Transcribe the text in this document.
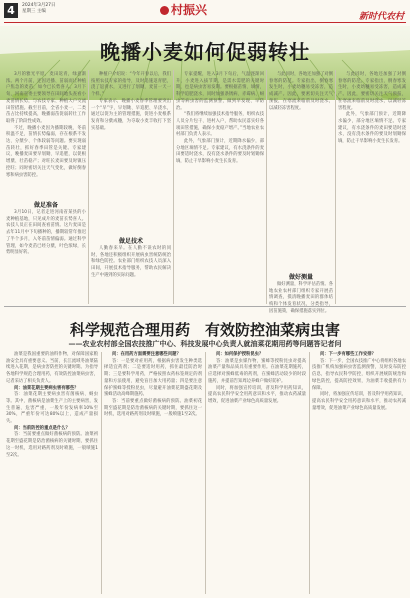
4	2024年3月27日
星期三 主编	村振兴	新时代农村
晚播小麦如何促弱转壮

3月的雅光平原，麦田返青，绿意渐浓。两个月前，还因迟播、苗弱而让种植户焦急的麦苗，如今已长势喜人。3月下旬，河南省委主要领导在田间地头查看小麦苗情长势，与农技专家、种植大户交流田管措施。截至目前，全省小麦一、二类苗占比持续提高，晚播弱苗促弱转壮工作取得了阶段性成效。

不过，晚播小麦因为播期较晚、冬前积温不足，苗情长势偏弱，存在根系不发达、分蘖少、个体较弱等问题。要实现弱苗转壮，抓好春季田管是关键。专家建议，晚播麦田要早划锄、早追肥，以促根增蘖、壮苗稳产；对旺长麦田要及时镇压控旺；同时密切关注天气变化，做好倒春寒和病虫害防控。

做足准备

3月10日，记者走进河南省某县的小麦种植基地，只见成片的麦苗长势喜人。农技人员正在田间查看苗情。这片麦田是去年11月中下旬播种的，播期较常年推迟了半个多月，入冬前苗情偏弱。通过科学管理，如今麦苗已经分蘖，叶色浓绿，长势明显好转。

种植户介绍说：“今年开春以后，我们按照农技专家的指导，及时追施返青肥，浇了返青水，又进行了划锄，麦苗一天一个样。”

专家表示，晚播小麦春季管理要突出一个“早”字，早划锄、早追肥、早浇水，通过以促为主的管理措施，促进小麦根系发育和分蘖成穗，为夺取小麦丰收打下坚实基础。

做足技术

人勤春来早。在人勤不误农时的同时，各地还积极组织开展病虫害统防统治和绿色防控。农业部门组织农技人员深入田间，开展技术指导服务，帮助农民解决生产中遇到的实际问题。

专家提醒，进入3月下旬后，气温逐渐回升，小麦进入拔节期，是需水需肥的关键时期，也是病虫害易发期。要根据苗情、墒情，科学追肥浇水，同时加强条锈病、赤霉病、蚜虫等病虫害的监测预警，做到早发现、早防治。

“我们将继续加强技术指导服务，组织农技人员分片包干、进村入户，帮助农民落实好各项田管措施，确保小麦稳产增产。”当地农业农村部门负责人表示。

此外，气象部门预计，近期降水偏少，部分地区墒情不足。专家建议，有水浇条件的麦田要适时浇水，没有浇水条件的要及时划锄保墒，防止干旱影响小麦生长发育。

与此同时，各地还加强了对倒春寒的防范。专家指出，倒春寒发生时，小麦幼穗易受冻害，造成减产。因此，要密切关注天气预报，在寒流来临前及时浇水，以减轻冻害程度。

做好测量

做好测量，科学评估苗情。各地农业农村部门组织专家开展苗情调查，摸清晚播麦田的群体结构和个体发育状况，分类指导，因苗施策，确保措施落实到位。

与此同时，各地还加强了对倒春寒的防范。专家指出，倒春寒发生时，小麦幼穗易受冻害，造成减产。因此，要密切关注天气预报，在寒流来临前及时浇水，以减轻冻害程度。

此外，气象部门预计，近期降水偏少，部分地区墒情不足。专家建议，有水浇条件的麦田要适时浇水，没有浇水条件的要及时划锄保墒，防止干旱影响小麦生长发育。

科学规范合理用药　有效防控油菜病虫害
——农业农村部全国农技推广中心、科技发展中心负责人就油菜花期用药等问题答记者问

油菜是我国重要的油料作物，对保障国家粮油安全具有重要意义。当前，长江流域冬油菜陆续进入花期，是病虫害防控的关键时期。为指导各地科学规范合理用药，有效防控油菜病虫害，记者采访了相关负责人。

问：油菜花期主要病虫害有哪些？

答：油菜花期主要病虫害有菌核病、蚜虫等。其中，菌核病是油菜生产上的主要病害，发生普遍、危害严重，一般年份发病率10%至30%，严重年份可达80%以上，造成产量损失。

问：当前防控的重点是什么？

答：当前要重点做好菌核病的预防。油菜初花期至盛花期是防治菌核病的关键时期，要抓住这一时机，选用对路药剂及时喷施，一般喷施1至2次。

问：在用药方面需要注意哪些问题？

答：一是要对症用药，根据病虫害发生种类选择适宜药剂；二是要适时用药，抓住最佳防治时期；三是要科学用药，严格按照农药标签规定的剂量和方法使用，避免盲目加大用药量；四是要注意保护蜜蜂等授粉昆虫，尽量避开油菜花期盛花期及蜜蜂活动高峰期施药。

答：当前要重点做好菌核病的预防。油菜初花期至盛花期是防治菌核病的关键时期，要抓住这一时机，选用对路药剂及时喷施，一般喷施1至2次。

问：如何保护授粉昆虫？

答：油菜是虫媒作物，蜜蜂等授粉昆虫对提高油菜产量和品质具有重要作用。在油菜花期施药，应选择对蜜蜂低毒的药剂，在蜜蜂活动较少的时段施药，并提前告知周边养蜂户做好防护。

同时，将加强宣传培训，普及科学用药知识，提高农民科学安全用药意识和水平，推动农药减量增效，促进油菜产业绿色高质量发展。

问：下一步有哪些工作安排？

答：下一步，全国农技推广中心将组织各地农技推广机构加强病虫害监测预警，及时发布防控信息，指导农民科学防控，组织开展统防统治和绿色防控，提高防控效果，为油菜丰收提供有力保障。

同时，将加强宣传培训，普及科学用药知识，提高农民科学安全用药意识和水平，推动农药减量增效，促进油菜产业绿色高质量发展。
